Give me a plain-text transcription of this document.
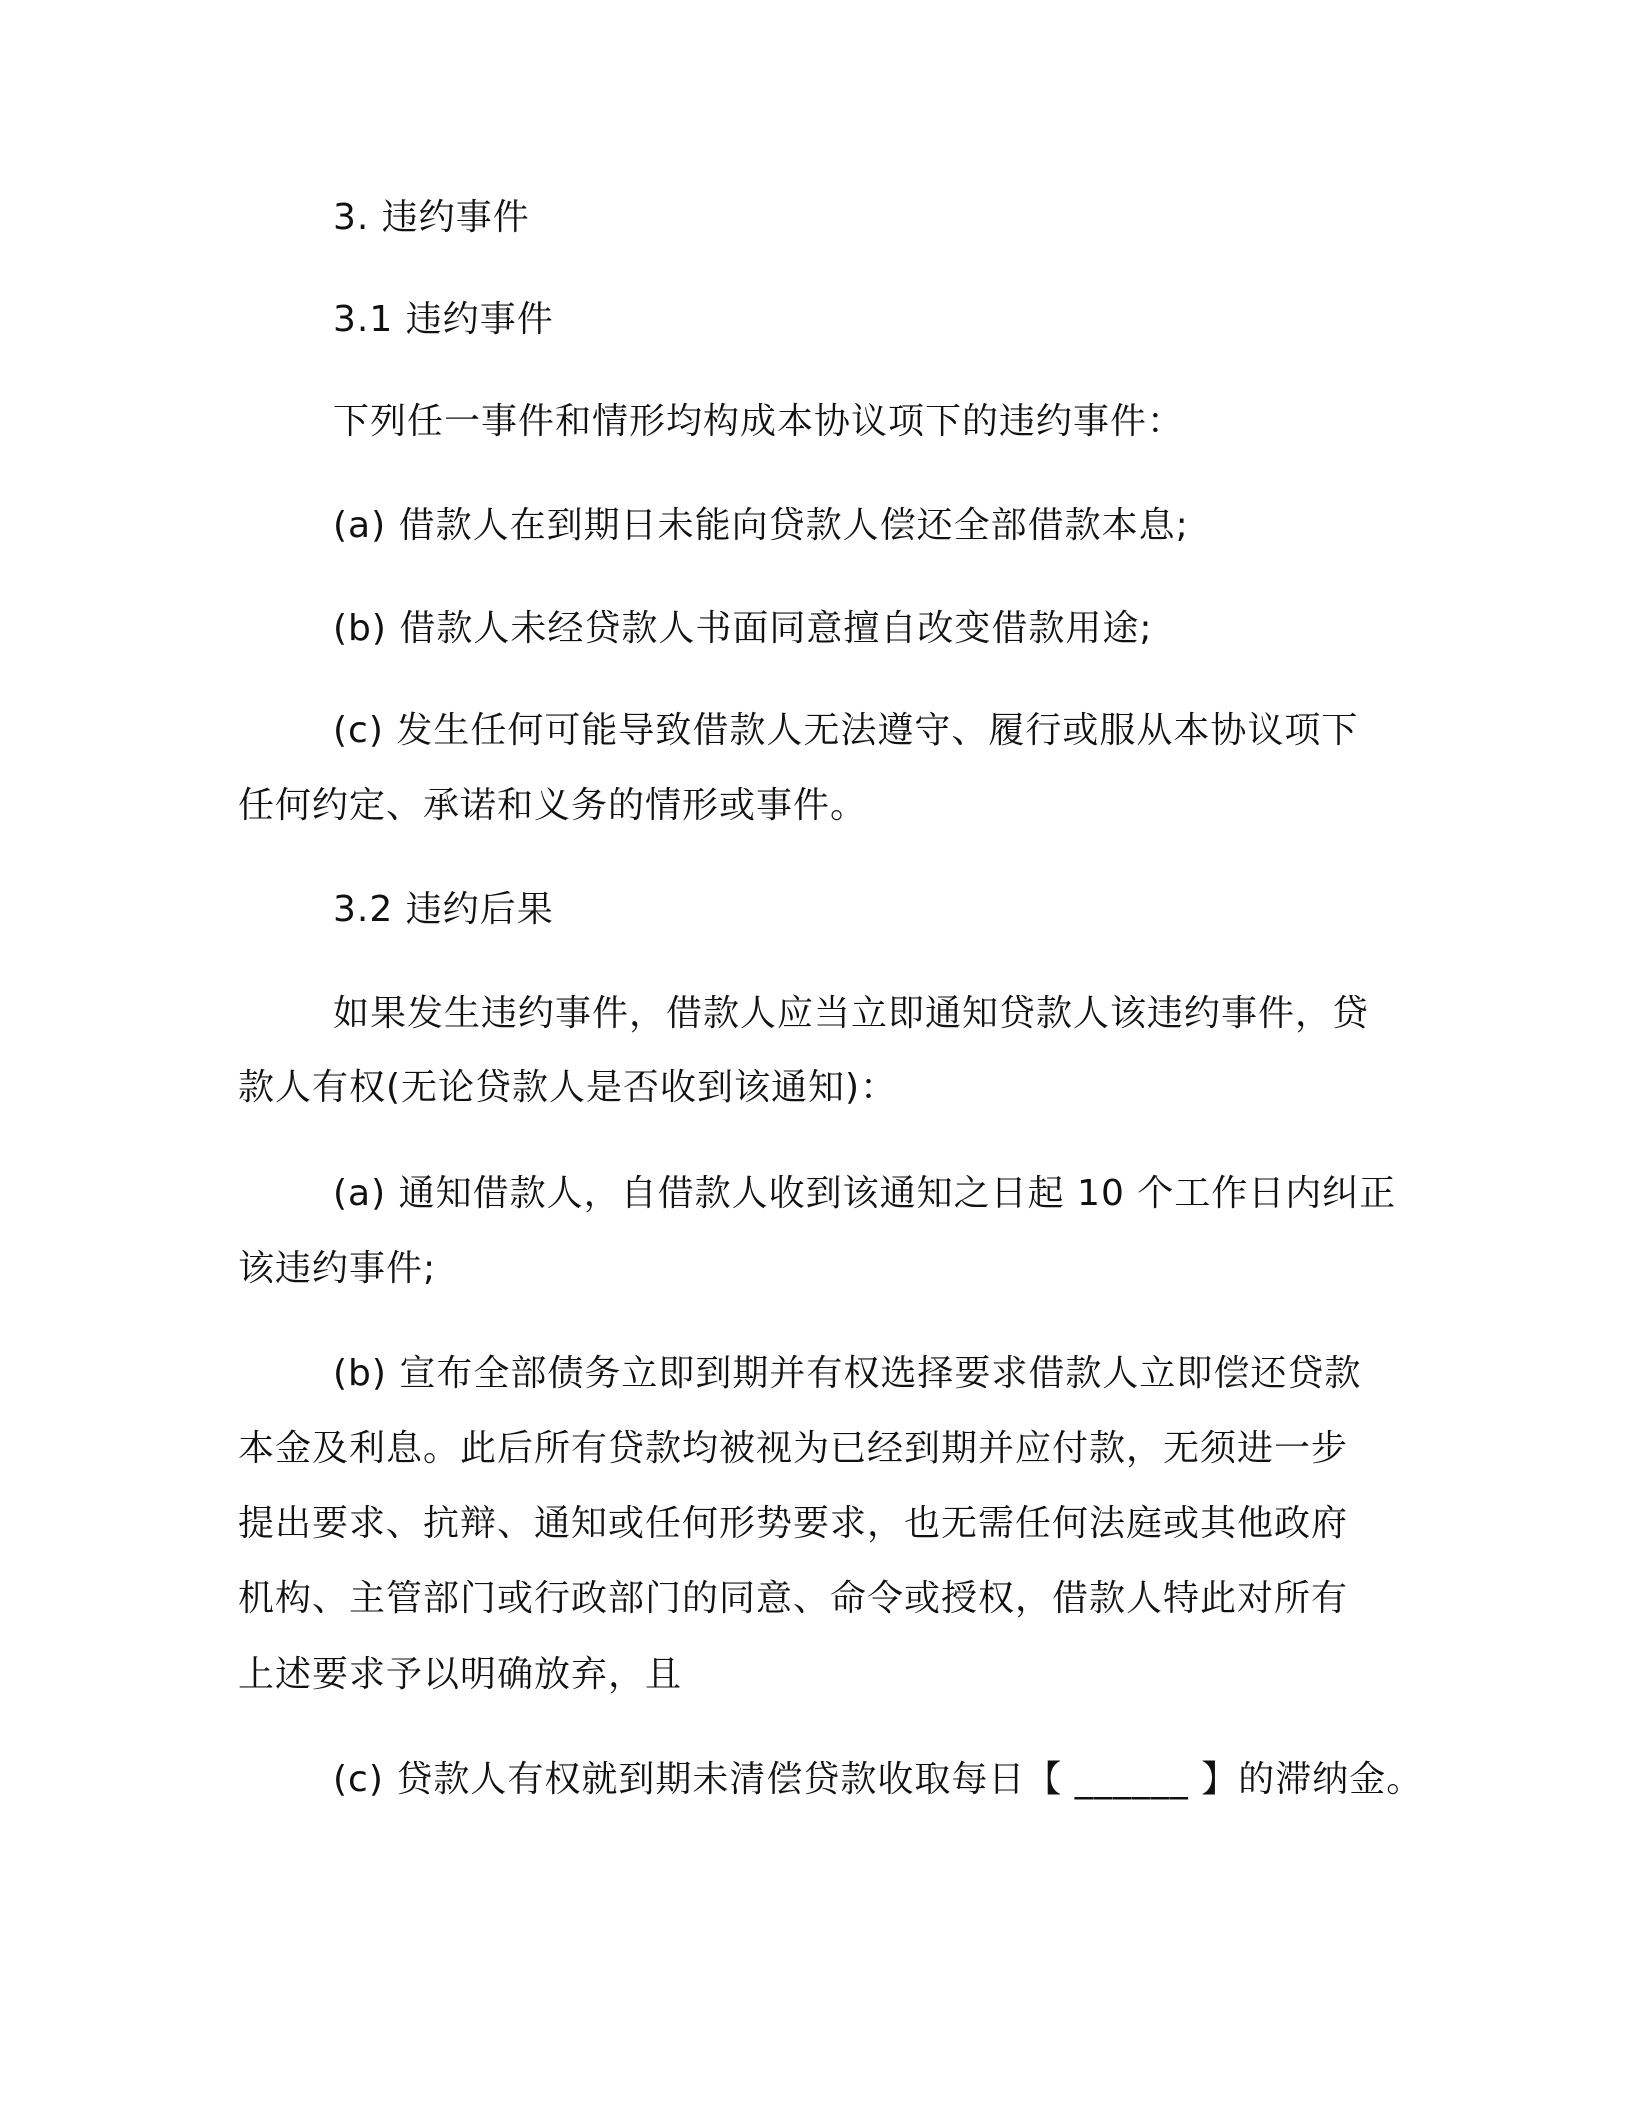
3. 违约事件
3.1 违约事件
下列任一事件和情形均构成本协议项下的违约事件：
(a) 借款人在到期日未能向贷款人偿还全部借款本息;
(b) 借款人未经贷款人书面同意擅自改变借款用途;
(c) 发生任何可能导致借款人无法遵守、履行或服从本协议项下
任何约定、承诺和义务的情形或事件。
3.2 违约后果
如果发生违约事件，借款人应当立即通知贷款人该违约事件，贷
款人有权(无论贷款人是否收到该通知)：
(a) 通知借款人，自借款人收到该通知之日起 10 个工作日内纠正
该违约事件;
(b) 宣布全部债务立即到期并有权选择要求借款人立即偿还贷款
本金及利息。此后所有贷款均被视为已经到期并应付款，无须进一步
提出要求、抗辩、通知或任何形势要求，也无需任何法庭或其他政府
机构、主管部门或行政部门的同意、命令或授权，借款人特此对所有
上述要求予以明确放弃，且
(c) 贷款人有权就到期未清偿贷款收取每日【 ______ 】的滞纳金。
